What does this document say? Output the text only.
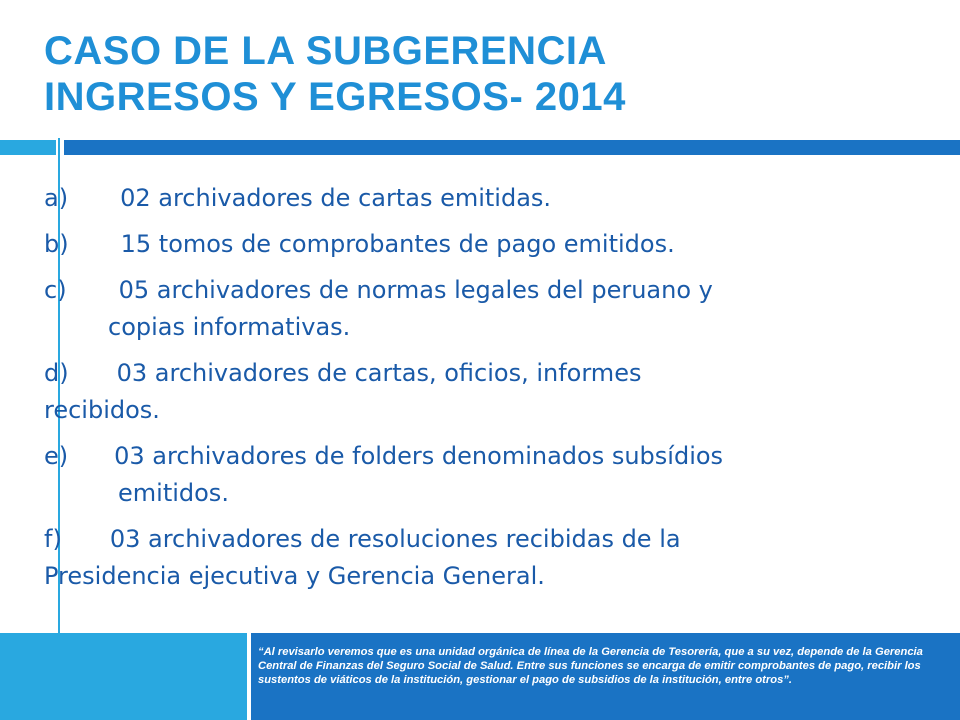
CASO DE LA SUBGERENCIA
INGRESOS Y EGRESOS- 2014
a) 02 archivadores de cartas emitidas.
b) 15 tomos de comprobantes de pago emitidos.
c) 05 archivadores de normas legales del peruano y
copias informativas.
d) 03 archivadores de cartas, oficios, informes
recibidos.
e) 03 archivadores de folders denominados subsídios
emitidos.
f) 03 archivadores de resoluciones recibidas de la
Presidencia ejecutiva y Gerencia General.
“Al revisarlo veremos que es una unidad orgánica de línea de la Gerencia de Tesorería, que a su vez, depende de la Gerencia Central de Finanzas del Seguro Social de Salud. Entre sus funciones se encarga de emitir comprobantes de pago, recibir los sustentos de viáticos de la institución, gestionar el pago de subsidios de la institución, entre otros”.
